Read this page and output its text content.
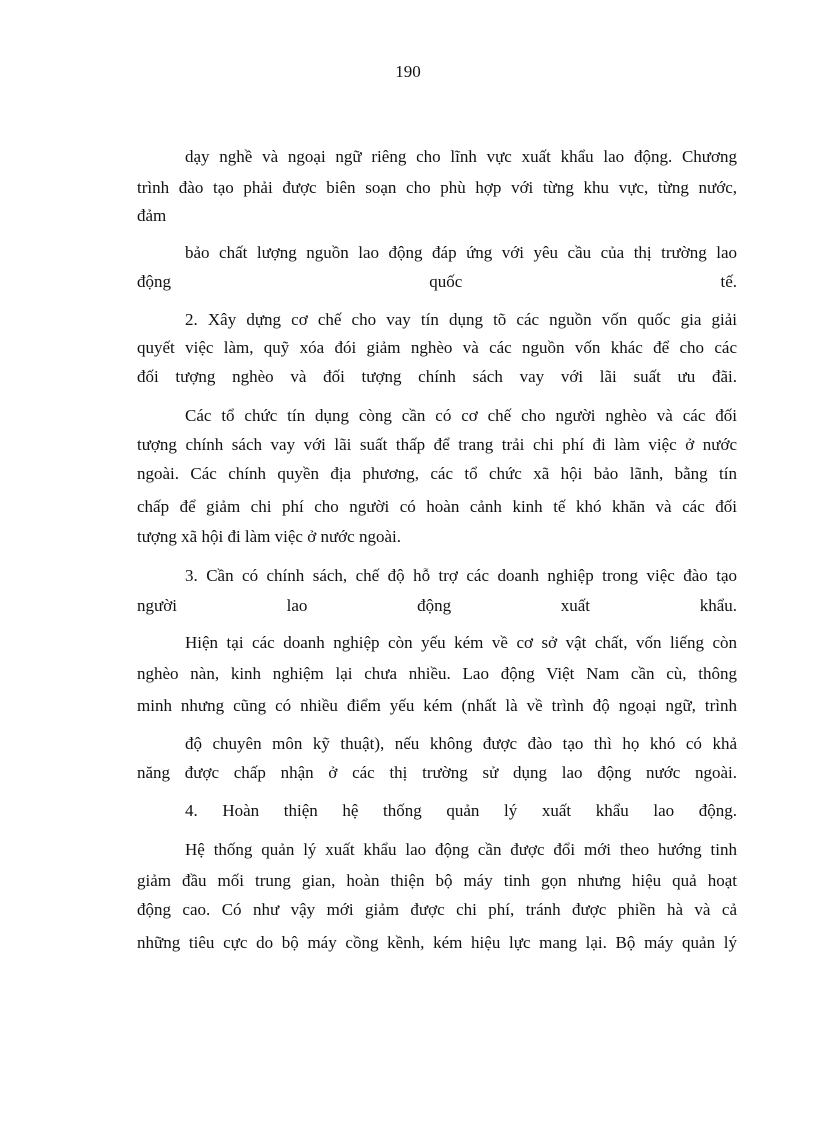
190
dạy nghề và ngoại ngữ riêng cho lĩnh vực xuất khẩu lao động. Chương
trình đào tạo phải được biên soạn cho phù hợp với từng khu vực, từng nước,
đảm
bảo chất lượng nguồn lao động đáp ứng với yêu cầu của thị trường lao
động quốc tế.
2. Xây dựng cơ chế cho vay tín dụng tõ các nguồn vốn quốc gia giải
quyết việc làm, quỹ xóa đói giảm nghèo và các nguồn vốn khác để cho các
đối tượng nghèo và đối tượng chính sách vay với lãi suất ưu đãi.
Các tổ chức tín dụng còng cần có cơ chế cho người nghèo và các đối
tượng chính sách vay với lãi suất thấp để trang trải chi phí đi làm việc ở nước
ngoài. Các chính quyền địa phương, các tổ chức xã hội bảo lãnh, bằng tín
chấp để giảm chi phí cho người có hoàn cảnh kinh tế khó khăn và các đối
tượng xã hội đi làm việc ở nước ngoài.
3. Cần có chính sách, chế độ hỗ trợ các doanh nghiệp trong việc đào tạo
người lao động xuất khẩu.
Hiện tại các doanh nghiệp còn yếu kém về cơ sở vật chất, vốn liếng còn
nghèo nàn, kinh nghiệm lại chưa nhiều. Lao động Việt Nam cần cù, thông
minh nhưng cũng có nhiều điểm yếu kém (nhất là về trình độ ngoại ngữ, trình
độ chuyên môn kỹ thuật), nếu không được đào tạo thì họ khó có khả
năng được chấp nhận ở các thị trường sử dụng lao động nước ngoài.
4. Hoàn thiện hệ thống quản lý xuất khẩu lao động.
Hệ thống quản lý xuất khẩu lao động cần được đổi mới theo hướng tinh
giảm đầu mối trung gian, hoàn thiện bộ máy tinh gọn nhưng hiệu quả hoạt
động cao. Có như vậy mới giảm được chi phí, tránh được phiền hà và cả
những tiêu cực do bộ máy cồng kềnh, kém hiệu lực mang lại. Bộ máy quản lý
